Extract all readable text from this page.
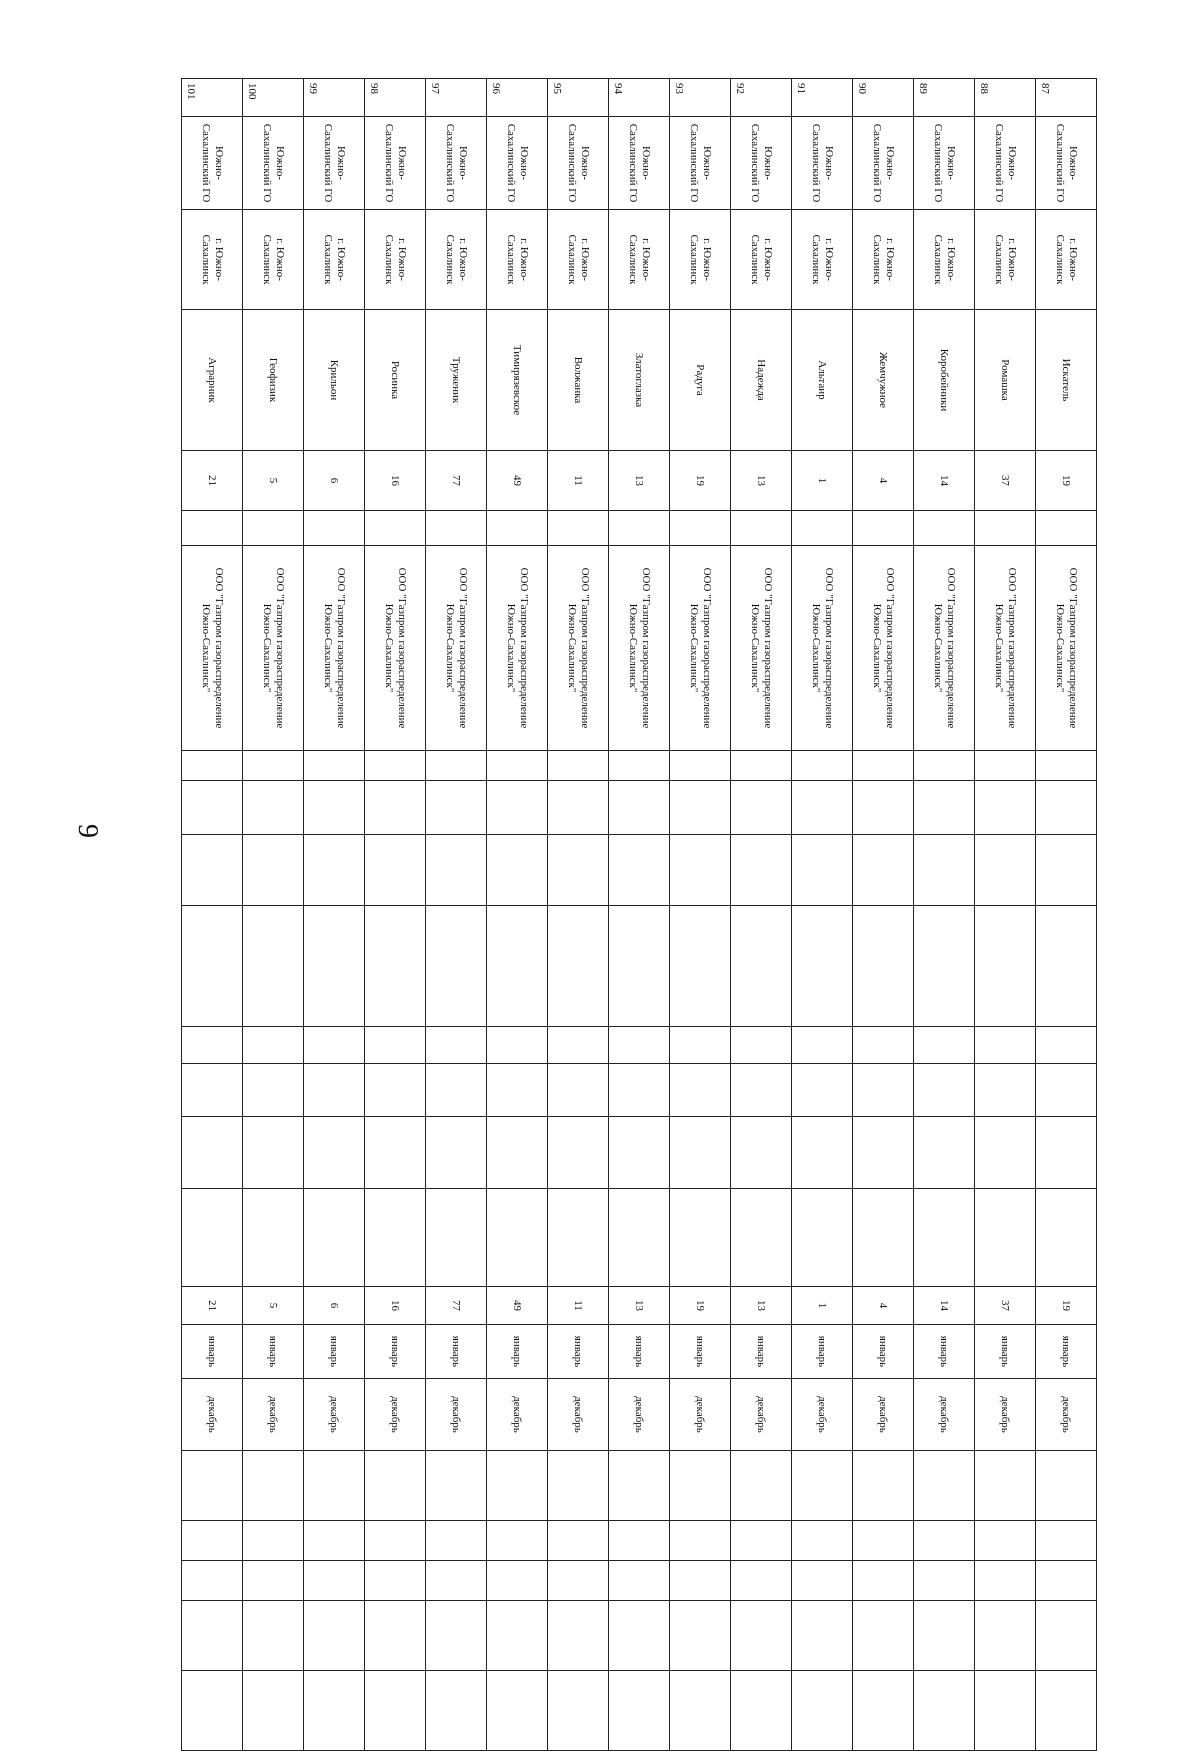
9
87	Южно-Сахалинский ГО	г. Южно-Сахалинск	Искатель	19		ООО "Газпром газораспределение Южно-Сахалинск"									19	январь	декабрь					
88	Южно-Сахалинский ГО	г. Южно-Сахалинск	Ромашка	37		ООО "Газпром газораспределение Южно-Сахалинск"									37	январь	декабрь					
89	Южно-Сахалинский ГО	г. Южно-Сахалинск	Коробейники	14		ООО "Газпром газораспределение Южно-Сахалинск"									14	январь	декабрь					
90	Южно-Сахалинский ГО	г. Южно-Сахалинск	Жемчужное	4		ООО "Газпром газораспределение Южно-Сахалинск"									4	январь	декабрь					
91	Южно-Сахалинский ГО	г. Южно-Сахалинск	Альтаир	1		ООО "Газпром газораспределение Южно-Сахалинск"									1	январь	декабрь					
92	Южно-Сахалинский ГО	г. Южно-Сахалинск	Надежда	13		ООО "Газпром газораспределение Южно-Сахалинск"									13	январь	декабрь					
93	Южно-Сахалинский ГО	г. Южно-Сахалинск	Радуга	19		ООО "Газпром газораспределение Южно-Сахалинск"									19	январь	декабрь					
94	Южно-Сахалинский ГО	г. Южно-Сахалинск	Златоглазка	13		ООО "Газпром газораспределение Южно-Сахалинск"									13	январь	декабрь					
95	Южно-Сахалинский ГО	г. Южно-Сахалинск	Волжанка	11		ООО "Газпром газораспределение Южно-Сахалинск"									11	январь	декабрь					
96	Южно-Сахалинский ГО	г. Южно-Сахалинск	Тимирязевское	49		ООО "Газпром газораспределение Южно-Сахалинск"									49	январь	декабрь					
97	Южно-Сахалинский ГО	г. Южно-Сахалинск	Труженик	77		ООО "Газпром газораспределение Южно-Сахалинск"									77	январь	декабрь					
98	Южно-Сахалинский ГО	г. Южно-Сахалинск	Росинка	16		ООО "Газпром газораспределение Южно-Сахалинск"									16	январь	декабрь					
99	Южно-Сахалинский ГО	г. Южно-Сахалинск	Крильон	6		ООО "Газпром газораспределение Южно-Сахалинск"									6	январь	декабрь					
100	Южно-Сахалинский ГО	г. Южно-Сахалинск	Геофизик	5		ООО "Газпром газораспределение Южно-Сахалинск"									5	январь	декабрь					
101	Южно-Сахалинский ГО	г. Южно-Сахалинск	Аграрник	21		ООО "Газпром газораспределение Южно-Сахалинск"									21	январь	декабрь					
